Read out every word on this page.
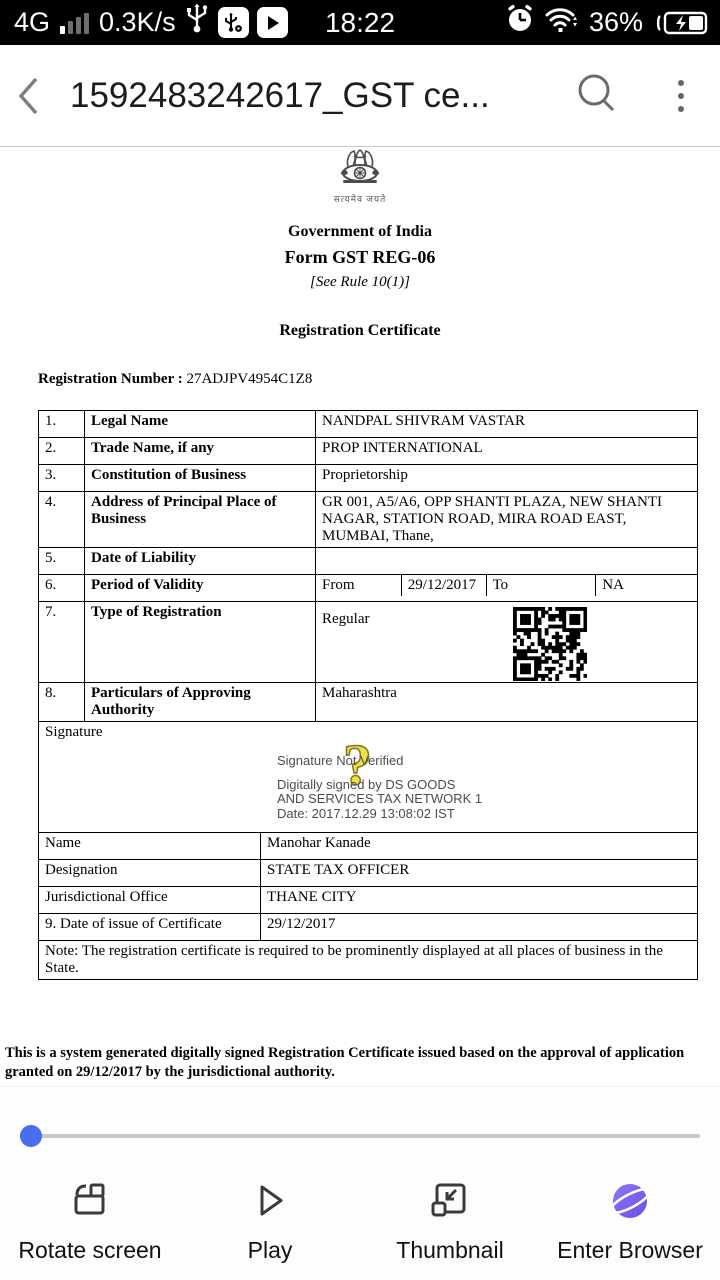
4G 0.3K/s	18:22	36%
1592483242617_GST ce...
सत्यमेव जयते
Government of India
Form GST REG-06
[See Rule 10(1)]
Registration Certificate
Registration Number : 27ADJPV4954C1Z8
1.	Legal Name	NANDPAL SHIVRAM VASTAR
2.	Trade Name, if any	PROP INTERNATIONAL
3.	Constitution of Business	Proprietorship
4.	Address of Principal Place of Business	GR 001, A5/A6, OPP SHANTI PLAZA, NEW SHANTI NAGAR, STATION ROAD, MIRA ROAD EAST, MUMBAI, Thane,
5.	Date of Liability	
6.	Period of Validity	From 29/12/2017 To NA

7.	Type of Registration	Regular

8.	Particulars of Approving Authority	Maharashtra

Signature	?
Signature Not Verified
Digitally signed by DS GOODS
AND SERVICES TAX NETWORK 1
Date: 2017.12.29 13:08:02 IST
Name	Manohar Kanade
Designation	STATE TAX OFFICER
Jurisdictional Office	THANE CITY
9. Date of issue of Certificate	29/12/2017
Note: The registration certificate is required to be prominently displayed at all places of business in the State.	
This is a system generated digitally signed Registration Certificate issued based on the approval of application granted on 29/12/2017 by the jurisdictional authority.
Rotate screen	Play	Thumbnail Enter Browser
